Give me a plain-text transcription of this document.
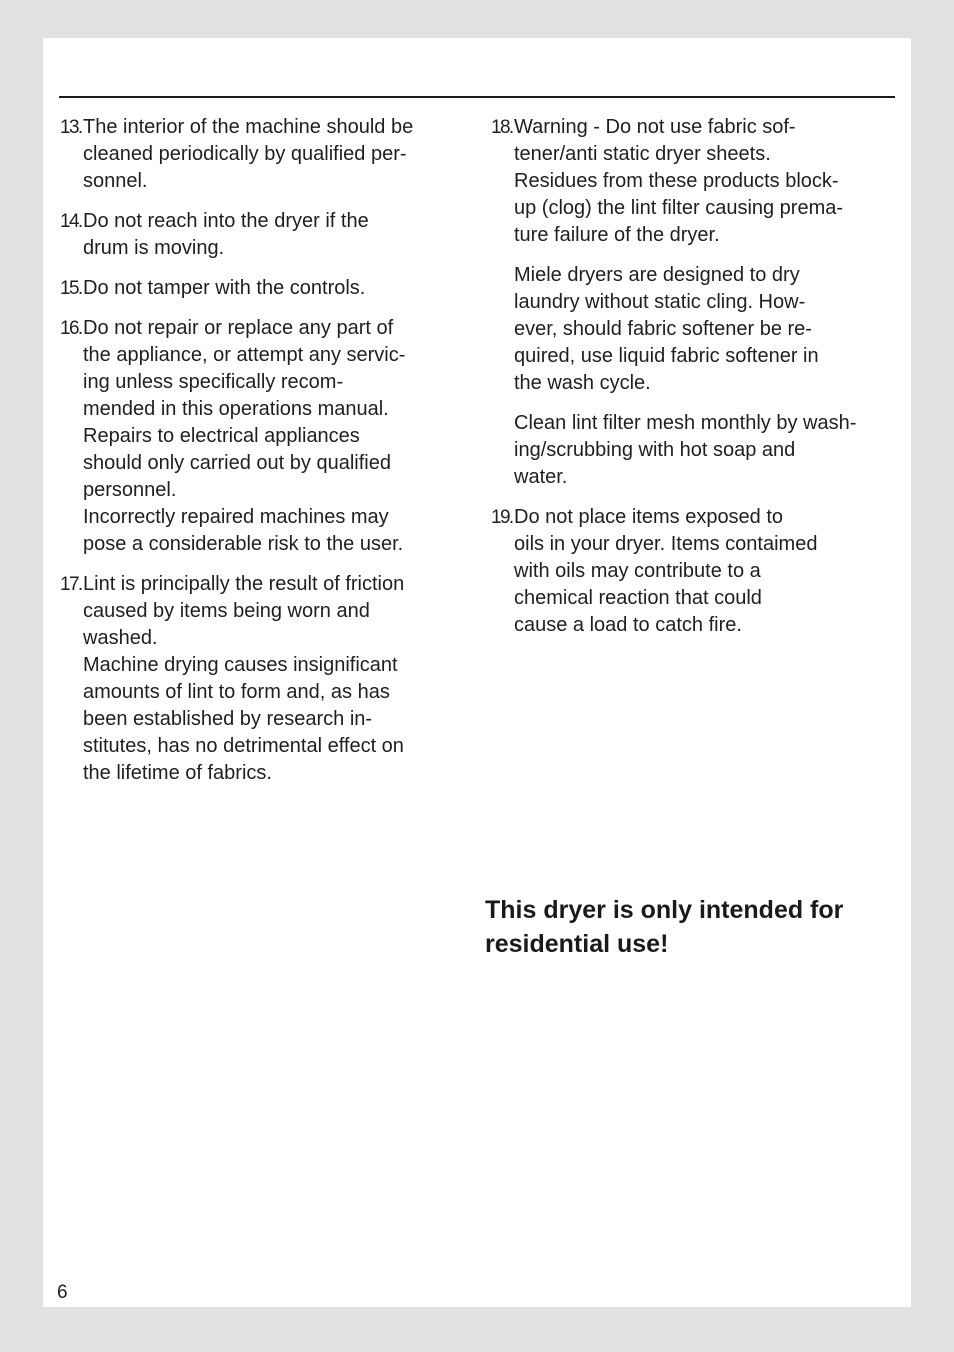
13. The interior of the machine should be
cleaned periodically by qualified per-
sonnel.
14. Do not reach into the dryer if the
drum is moving.
15. Do not tamper with the controls.
16. Do not repair or replace any part of
the appliance, or attempt any servic-
ing unless specifically recom-
mended in this operations manual.
Repairs to electrical appliances
should only carried out by qualified
personnel.
Incorrectly repaired machines may
pose a considerable risk to the user.
17. Lint is principally the result of friction
caused by items being worn and
washed.
Machine drying causes insignificant
amounts of lint to form and, as has
been established by research in-
stitutes, has no detrimental effect on
the lifetime of fabrics.
18. Warning - Do not use fabric sof-
tener/anti static dryer sheets.
Residues from these products block-
up (clog) the lint filter causing prema-
ture failure of the dryer.
Miele dryers are designed to dry
laundry without static cling. How-
ever, should fabric softener be re-
quired, use liquid fabric softener in
the wash cycle.
Clean lint filter mesh monthly by wash-
ing/scrubbing with hot soap and
water.
19. Do not place items exposed to
oils in your dryer. Items contaimed
with oils may contribute to a
chemical reaction that could
cause a load to catch fire.
This dryer is only intended for
residential use!
6
